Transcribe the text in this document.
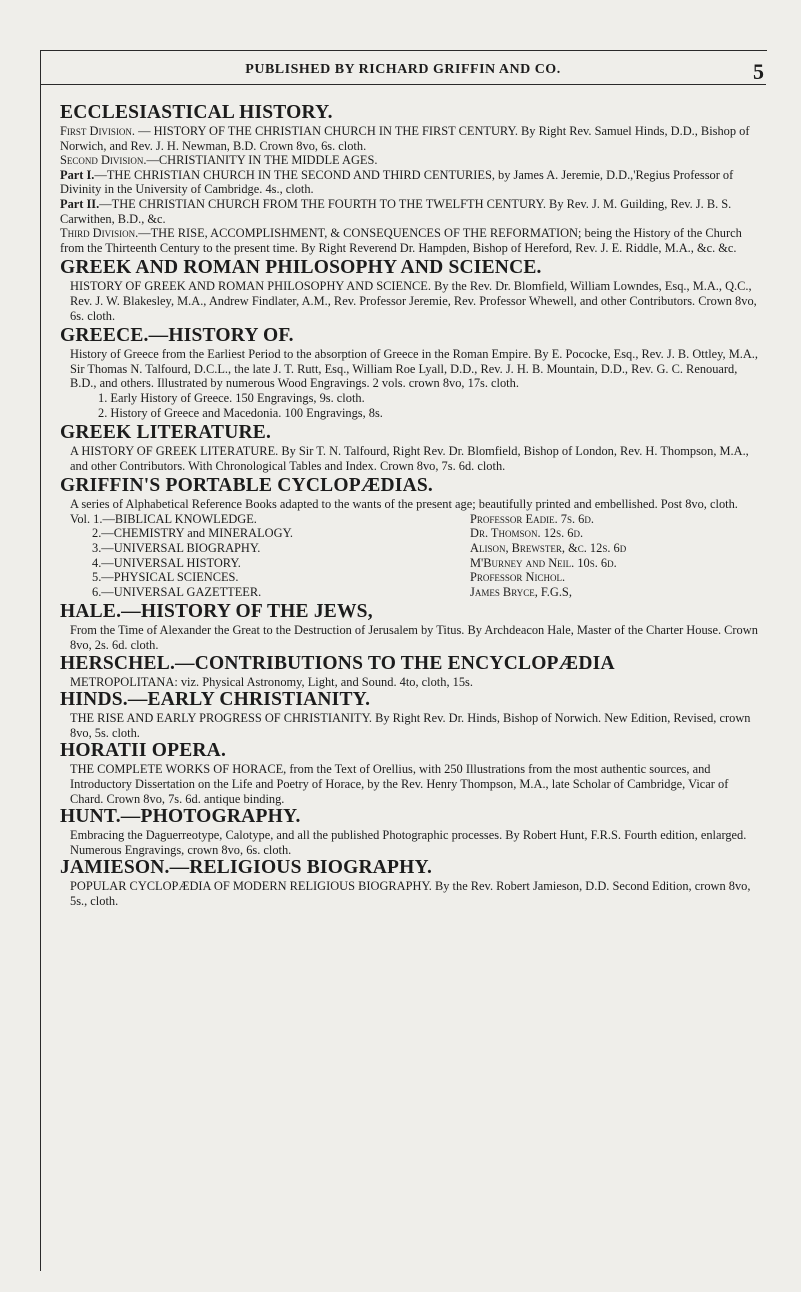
PUBLISHED BY RICHARD GRIFFIN AND CO.	5

ECCLESIASTICAL HISTORY.

First Division. — HISTORY OF THE CHRISTIAN CHURCH IN THE FIRST CENTURY. By Right Rev. Samuel Hinds, D.D., Bishop of Norwich, and Rev. J. H. Newman, B.D. Crown 8vo, 6s. cloth.

Second Division.—CHRISTIANITY IN THE MIDDLE AGES.

Part I.—THE CHRISTIAN CHURCH IN THE SECOND AND THIRD CENTURIES, by James A. Jeremie, D.D.,'Regius Professor of Divinity in the University of Cambridge. 4s., cloth.

Part II.—THE CHRISTIAN CHURCH FROM THE FOURTH TO THE TWELFTH CENTURY. By Rev. J. M. Guilding, Rev. J. B. S. Carwithen, B.D., &c.

Third Division.—THE RISE, ACCOMPLISHMENT, & CONSEQUENCES OF THE REFORMATION; being the History of the Church from the Thirteenth Century to the present time. By Right Reverend Dr. Hampden, Bishop of Hereford, Rev. J. E. Riddle, M.A., &c. &c.

GREEK AND ROMAN PHILOSOPHY AND SCIENCE.

HISTORY OF GREEK AND ROMAN PHILOSOPHY AND SCIENCE. By the Rev. Dr. Blomfield, William Lowndes, Esq., M.A., Q.C., Rev. J. W. Blakesley, M.A., Andrew Findlater, A.M., Rev. Professor Jeremie, Rev. Professor Whewell, and other Contributors. Crown 8vo, 6s. cloth.

GREECE.—HISTORY OF.

History of Greece from the Earliest Period to the absorption of Greece in the Roman Empire. By E. Pococke, Esq., Rev. J. B. Ottley, M.A., Sir Thomas N. Talfourd, D.C.L., the late J. T. Rutt, Esq., William Roe Lyall, D.D., Rev. J. H. B. Mountain, D.D., Rev. G. C. Renouard, B.D., and others. Illustrated by numerous Wood Engravings. 2 vols. crown 8vo, 17s. cloth.

1. Early History of Greece. 150 Engravings, 9s. cloth.

2. History of Greece and Macedonia. 100 Engravings, 8s.

GREEK LITERATURE.

A HISTORY OF GREEK LITERATURE. By Sir T. N. Talfourd, Right Rev. Dr. Blomfield, Bishop of London, Rev. H. Thompson, M.A., and other Contributors. With Chronological Tables and Index. Crown 8vo, 7s. 6d. cloth.

GRIFFIN'S PORTABLE CYCLOPÆDIAS.

A series of Alphabetical Reference Books adapted to the wants of the present age; beautifully printed and embellished. Post 8vo, cloth.

Vol. 1.—BIBLICAL KNOWLEDGE.	Professor Eadie. 7s. 6d.
2.—CHEMISTRY and MINERALOGY.	Dr. Thomson. 12s. 6d.
3.—UNIVERSAL BIOGRAPHY.	Alison, Brewster, &c. 12s. 6d
4.—UNIVERSAL HISTORY.	M'Burney and Neil. 10s. 6d.
5.—PHYSICAL SCIENCES.	Professor Nichol.
6.—UNIVERSAL GAZETTEER.	James Bryce, F.G.S,

HALE.—HISTORY OF THE JEWS,

From the Time of Alexander the Great to the Destruction of Jerusalem by Titus. By Archdeacon Hale, Master of the Charter House. Crown 8vo, 2s. 6d. cloth.

HERSCHEL.—CONTRIBUTIONS TO THE ENCYCLOPÆDIA

METROPOLITANA: viz. Physical Astronomy, Light, and Sound. 4to, cloth, 15s.

HINDS.—EARLY CHRISTIANITY.

THE RISE AND EARLY PROGRESS OF CHRISTIANITY. By Right Rev. Dr. Hinds, Bishop of Norwich. New Edition, Revised, crown 8vo, 5s. cloth.

HORATII OPERA.

THE COMPLETE WORKS OF HORACE, from the Text of Orellius, with 250 Illustrations from the most authentic sources, and Introductory Dissertation on the Life and Poetry of Horace, by the Rev. Henry Thompson, M.A., late Scholar of Cambridge, Vicar of Chard. Crown 8vo, 7s. 6d. antique binding.

HUNT.—PHOTOGRAPHY.

Embracing the Daguerreotype, Calotype, and all the published Photographic processes. By Robert Hunt, F.R.S. Fourth edition, enlarged. Numerous Engravings, crown 8vo, 6s. cloth.

JAMIESON.—RELIGIOUS BIOGRAPHY.

POPULAR CYCLOPÆDIA OF MODERN RELIGIOUS BIOGRAPHY. By the Rev. Robert Jamieson, D.D. Second Edition, crown 8vo, 5s., cloth.
